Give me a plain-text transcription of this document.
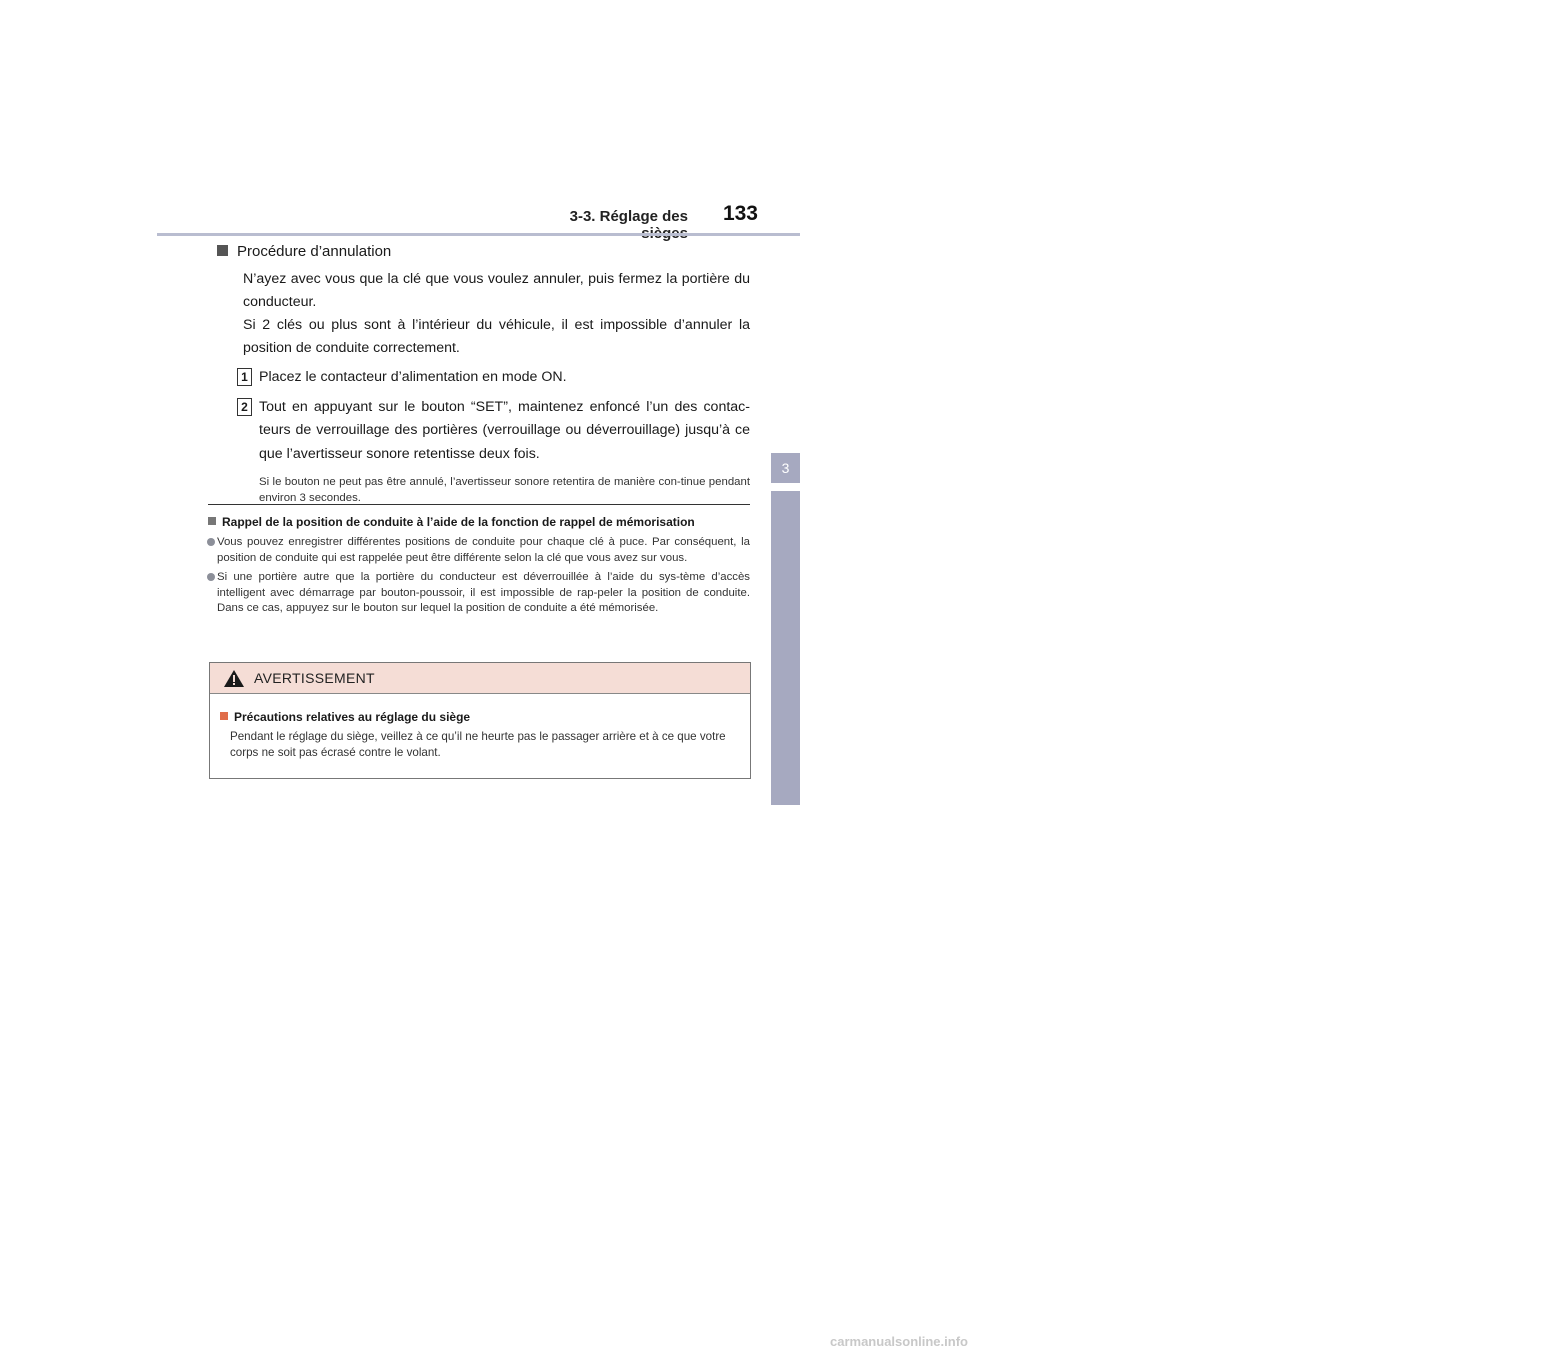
3-3. Réglage des	133
3
Fonctionnement de chaque composant
Procédure d’annulation
N’ayez avec vous que la clé que vous voulez annuler, puis fermez la portière du conducteur.
Si 2 clés ou plus sont à l’intérieur du véhicule, il est impossible d’annuler la position de conduite correctement.
1 Placez le contacteur d’alimentation en mode ON.
2 Tout en appuyant sur le bouton “SET”, maintenez enfoncé l’un des contac-teurs de verrouillage des portières (verrouillage ou déverrouillage) jusqu’à ce que l’avertisseur sonore retentisse deux fois.
Si le bouton ne peut pas être annulé, l’avertisseur sonore retentira de manière con-tinue pendant environ 3 secondes.
Rappel de la position de conduite à l’aide de la fonction de rappel de mémorisation
Vous pouvez enregistrer différentes positions de conduite pour chaque clé à puce. Par conséquent, la position de conduite qui est rappelée peut être différente selon la clé que vous avez sur vous.
Si une portière autre que la portière du conducteur est déverrouillée à l’aide du sys-tème d’accès intelligent avec démarrage par bouton-poussoir, il est impossible de rap-peler la position de conduite. Dans ce cas, appuyez sur le bouton sur lequel la position de conduite a été mémorisée.
AVERTISSEMENT
Précautions relatives au réglage du siège
Pendant le réglage du siège, veillez à ce qu’il ne heurte pas le passager arrière et à ce que votre corps ne soit pas écrasé contre le volant.
carmanualsonline.info
